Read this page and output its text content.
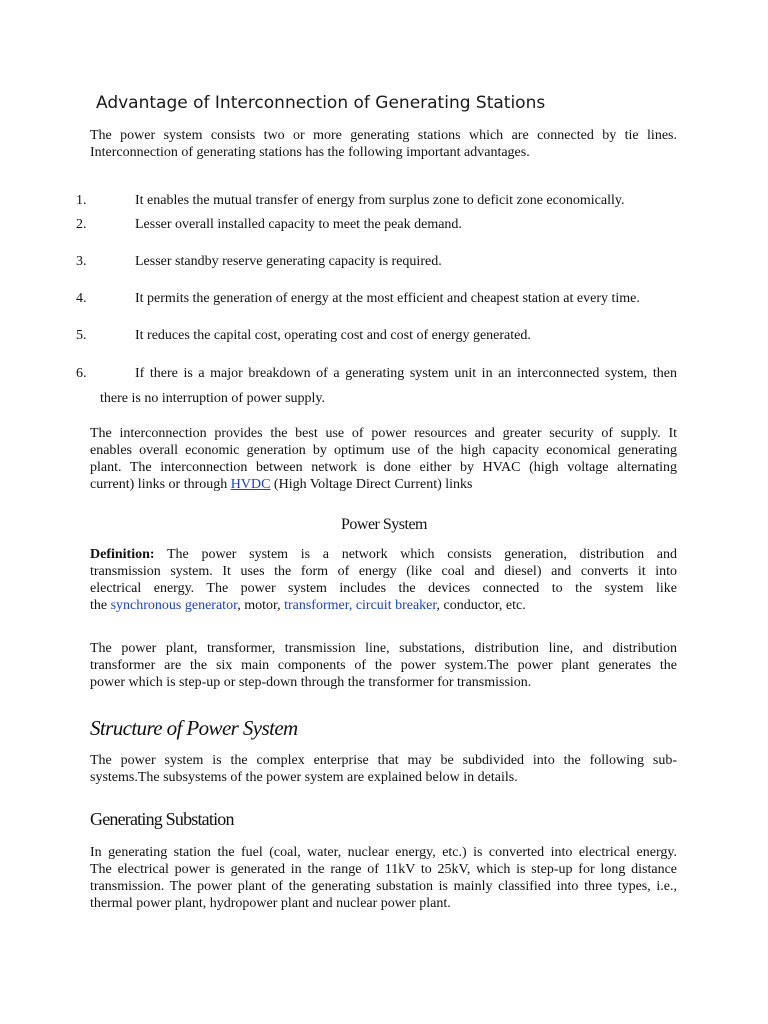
Advantage of Interconnection of Generating Stations
The power system consists two or more generating stations which are connected by tie lines.
Interconnection of generating stations has the following important advantages.
1.	It enables the mutual transfer of energy from surplus zone to deficit zone economically.
2.	Lesser overall installed capacity to meet the peak demand.
3.	Lesser standby reserve generating capacity is required.
4.	It permits the generation of energy at the most efficient and cheapest station at every time.
5.	It reduces the capital cost, operating cost and cost of energy generated.
6.	If there is a major breakdown of a generating system unit in an interconnected system, then
there is no interruption of power supply.
The interconnection provides the best use of power resources and greater security of supply. It
enables overall economic generation by optimum use of the high capacity economical generating
plant. The interconnection between network is done either by HVAC (high voltage alternating
current) links or through HVDC (High Voltage Direct Current) links
Power System
Definition: The power system is a network which consists generation, distribution and
transmission system. It uses the form of energy (like coal and diesel) and converts it into
electrical energy. The power system includes the devices connected to the system like
the synchronous generator, motor, transformer, circuit breaker, conductor, etc.
The power plant, transformer, transmission line, substations, distribution line, and distribution
transformer are the six main components of the power system.The power plant generates the
power which is step-up or step-down through the transformer for transmission.
Structure of Power System
The power system is the complex enterprise that may be subdivided into the following sub-
systems.The subsystems of the power system are explained below in details.
Generating Substation
In generating station the fuel (coal, water, nuclear energy, etc.) is converted into electrical energy.
The electrical power is generated in the range of 11kV to 25kV, which is step-up for long distance
transmission. The power plant of the generating substation is mainly classified into three types, i.e.,
thermal power plant, hydropower plant and nuclear power plant.
